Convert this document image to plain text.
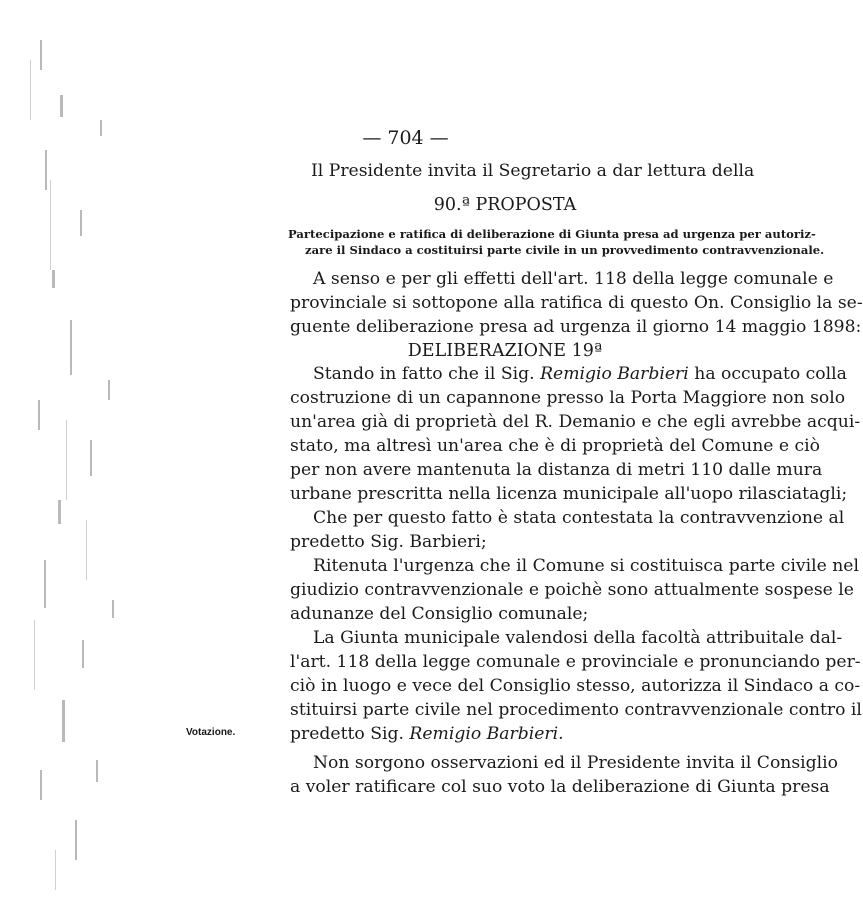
— 704 —
Il Presidente invita il Segretario a dar lettura della
90.ª PROPOSTA
Partecipazione e ratifica di deliberazione di Giunta presa ad urgenza per autoriz-
zare il Sindaco a costituirsi parte civile in un provvedimento contravvenzionale.
A senso e per gli effetti dell'art. 118 della legge comunale e
provinciale si sottopone alla ratifica di questo On. Consiglio la se-
guente deliberazione presa ad urgenza il giorno 14 maggio 1898:
DELIBERAZIONE 19ª
Stando in fatto che il Sig. Remigio Barbieri ha occupato colla
costruzione di un capannone presso la Porta Maggiore non solo
un'area già di proprietà del R. Demanio e che egli avrebbe acqui-
stato, ma altresì un'area che è di proprietà del Comune e ciò
per non avere mantenuta la distanza di metri 110 dalle mura
urbane prescritta nella licenza municipale all'uopo rilasciatagli;
Che per questo fatto è stata contestata la contravvenzione al
predetto Sig. Barbieri;
Ritenuta l'urgenza che il Comune si costituisca parte civile nel
giudizio contravvenzionale e poichè sono attualmente sospese le
adunanze del Consiglio comunale;
La Giunta municipale valendosi della facoltà attribuitale dal-
l'art. 118 della legge comunale e provinciale e pronunciando per-
ciò in luogo e vece del Consiglio stesso, autorizza il Sindaco a co-
stituirsi parte civile nel procedimento contravvenzionale contro il
predetto Sig. Remigio Barbieri.
Votazione.
Non sorgono osservazioni ed il Presidente invita il Consiglio
a voler ratificare col suo voto la deliberazione di Giunta presa
